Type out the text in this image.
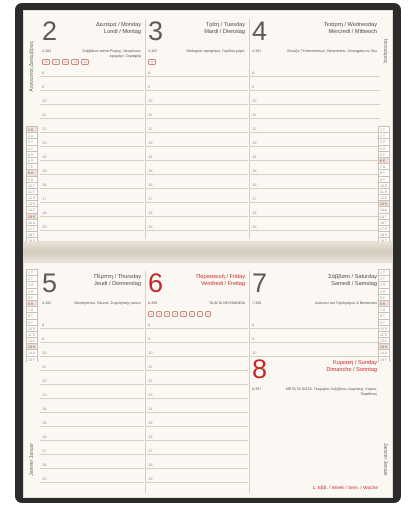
Αύγουστος Δεκέμβριος	Ιανουάριος
1 K
2 Δ
3 T
4 T
5 Π
6 Π
7 Σ
8 K
9 Δ
10 T
11 T
12 Π
13 Π
14 Σ
15 K
16 Δ
17 T
18 T
1 T
2 T
3 Π
4 Π
5 Σ
6 K
7 Δ
8 T
9 T
10 Π
11 Π
12 Σ
13 K
14 Δ
15 T
16 T
17 Π
18 Π
2	Δευτέρα / Monday
Lundi / Montag
2-363	Σαββάτου πάπα Ρώμης, Θεογένους ιερομάρτ. Σεραφείμ
20	21	22	23	24
8
9
10
11
12
13
14
15
16
17
18
19
3	Τρίτη / Tuesday
Mardi / Dienstag
3-362	Μαλαχίου προφήτου, Γορδίου μάρτ.
12
8
9
10
11
12
13
14
15
16
17
18
19
4	Τετάρτη / Wednesday
Mercredi / Mittwoch
4-361	Σύναξις 70 Αποστόλων, Θεοκτίστου, Ονουφρίου εν Ιδω
8
9
10
11
12
13
14
15
16
17
18
19
1 T
2 T
3 Π
4 Π
5 Σ
6 K
7 Δ
8 T
9 T
10 Π
11 Π
12 Σ
13 K
14 Δ
15 T
1 T
2 T
3 Π
4 Π
5 Σ
6 K
7 Δ
8 T
9 T
10 Π
11 Π
12 Σ
13 K
14 Δ
15 T
Janvier Januar	Janvier Januar
5	Πέμπτη / Thursday
Jeudi / Donnerstag
5-360	Θεοπέμπτου, Θεωνά, Συγκλητικής οσίων
8
9
10
11
12
13
14
15
16
17
18
19
6	Παρασκευή / Friday
Vendredi / Freitag
6-359	ΤΑ ΑΓΙΑ ΘΕΟΦΑΝΕΙΑ
1	2	3	4	5	6	7	8
8
9
10
11
12
13
14
15
16
17
18
19
7	Σάββατο / Saturday
Samedi / Samstag
7-358	Ιωάννου του Προδρόμου & Βαπτιστού
8
9
10
8	Κυριακή / Sunday
Dimanche / Sonntag
8-357	ΜΕΤΑ ΤΑ ΦΩΤΑ. Γεωργίου Χοζεβίτου, Δομνίκης, Κύρου, Παρθένας
1. Εβδ. / Week / Sem. / Woche
